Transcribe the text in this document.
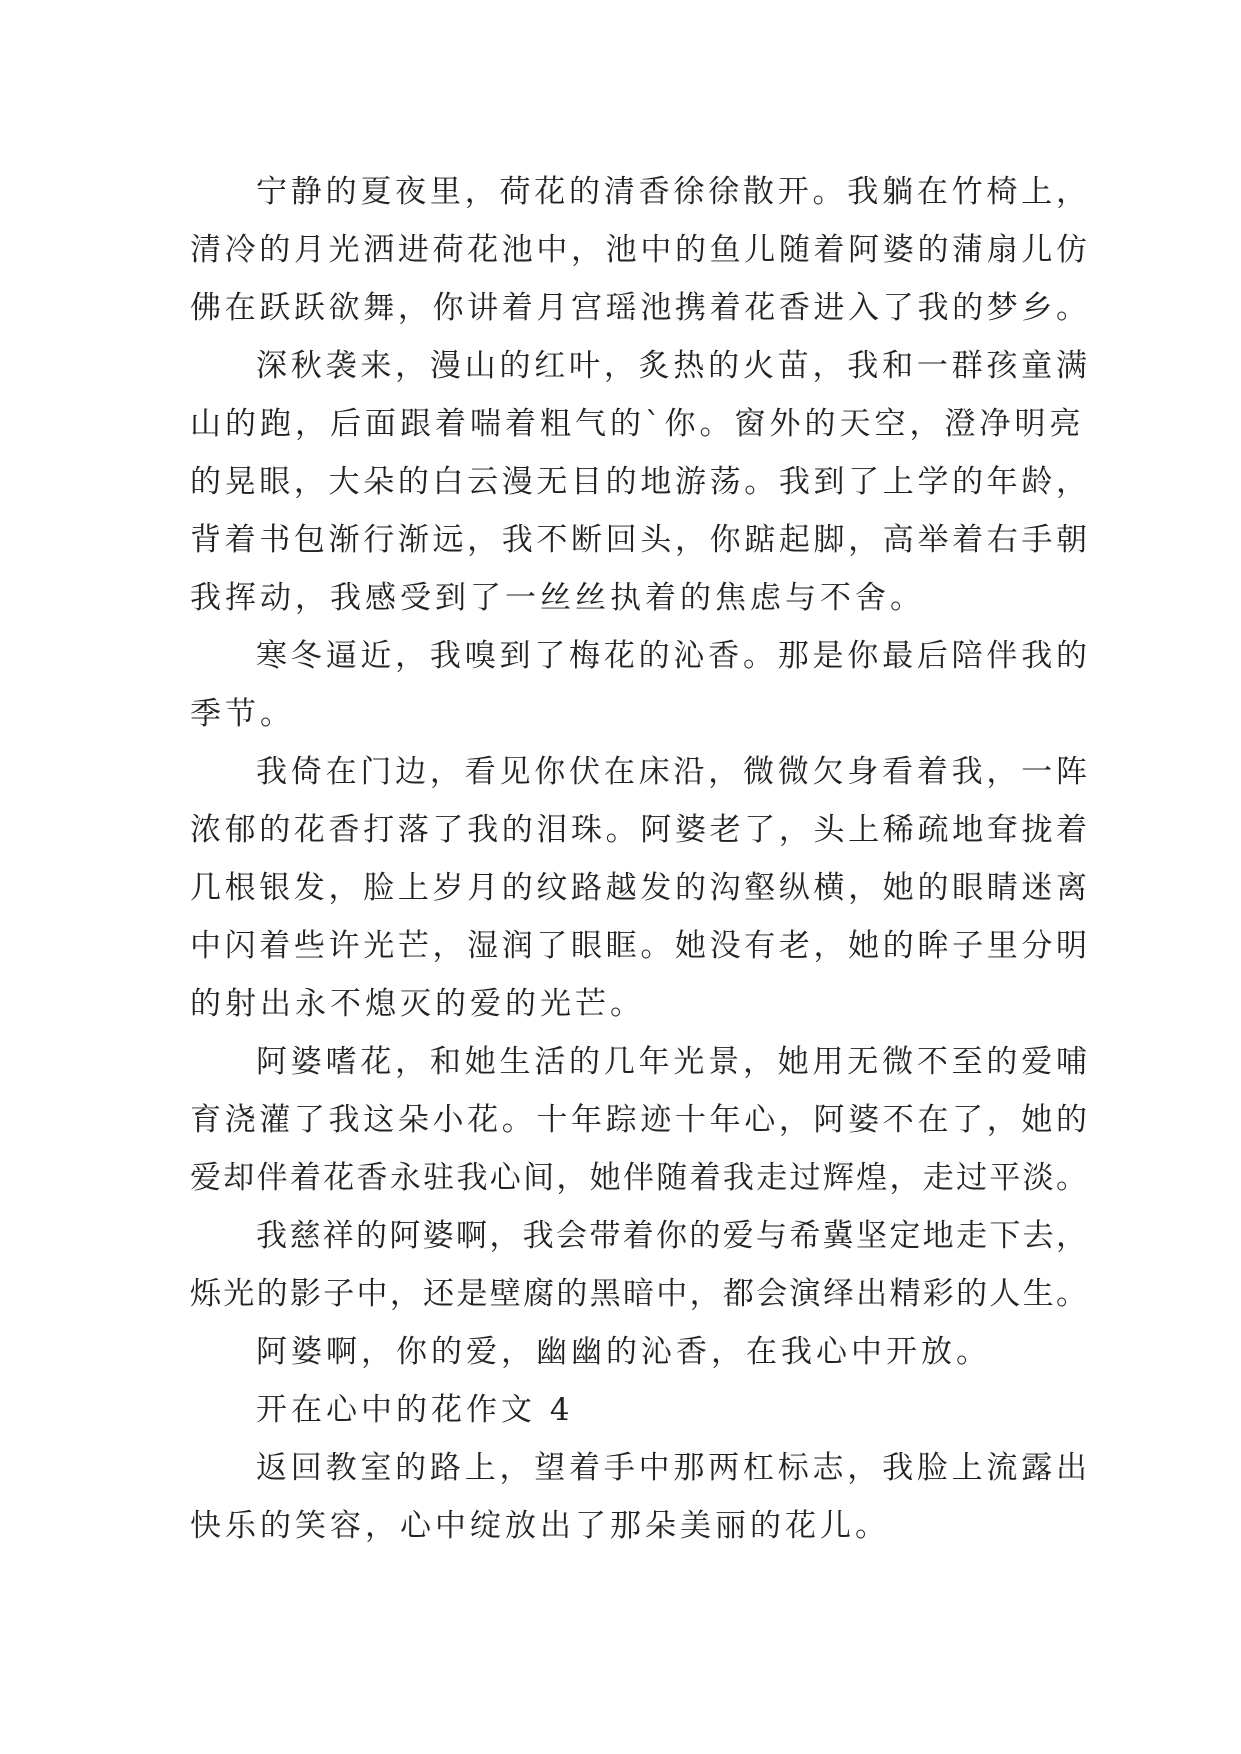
宁静的夏夜里，荷花的清香徐徐散开。我躺在竹椅上，

清冷的月光洒进荷花池中，池中的鱼儿随着阿婆的蒲扇儿仿

佛在跃跃欲舞，你讲着月宫瑶池携着花香进入了我的梦乡。

深秋袭来，漫山的红叶，炙热的火苗，我和一群孩童满

山的跑，后面跟着喘着粗气的`你。窗外的天空，澄净明亮

的晃眼，大朵的白云漫无目的地游荡。我到了上学的年龄，

背着书包渐行渐远，我不断回头，你踮起脚，高举着右手朝

我挥动，我感受到了一丝丝执着的焦虑与不舍。

寒冬逼近，我嗅到了梅花的沁香。那是你最后陪伴我的

季节。

我倚在门边，看见你伏在床沿，微微欠身看着我，一阵

浓郁的花香打落了我的泪珠。阿婆老了，头上稀疏地耷拢着

几根银发，脸上岁月的纹路越发的沟壑纵横，她的眼睛迷离

中闪着些许光芒，湿润了眼眶。她没有老，她的眸子里分明

的射出永不熄灭的爱的光芒。

阿婆嗜花，和她生活的几年光景，她用无微不至的爱哺

育浇灌了我这朵小花。十年踪迹十年心，阿婆不在了，她的

爱却伴着花香永驻我心间，她伴随着我走过辉煌，走过平淡。

我慈祥的阿婆啊，我会带着你的爱与希冀坚定地走下去，

烁光的影子中，还是壁腐的黑暗中，都会演绎出精彩的人生。

阿婆啊，你的爱，幽幽的沁香，在我心中开放。

开在心中的花作文 4

返回教室的路上，望着手中那两杠标志，我脸上流露出

快乐的笑容，心中绽放出了那朵美丽的花儿。
